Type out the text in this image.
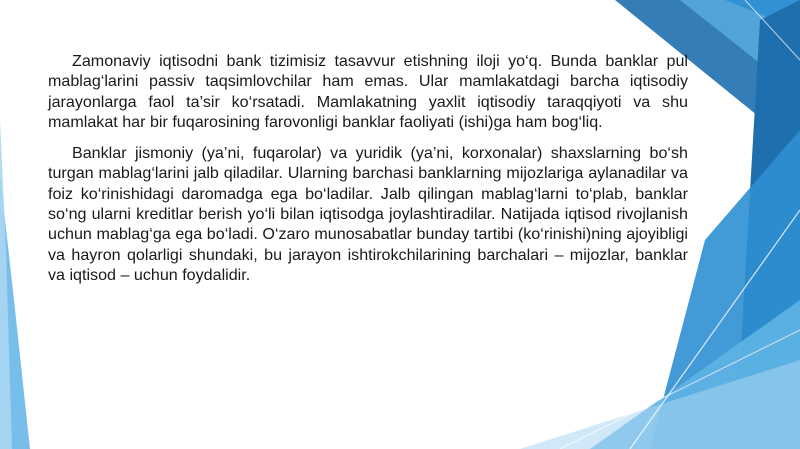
Zamonaviy iqtisodni bank tizimisiz tasavvur etishning iloji yo‘q. Bunda banklar pul mablag‘larini passiv taqsimlovchilar ham emas. Ular mamlakatdagi barcha iqtisodiy jarayonlarga faol ta’sir ko‘rsatadi. Mamlakatning yaxlit iqtisodiy taraqqiyoti va shu mamlakat har bir fuqarosining farovonligi banklar faoliyati (ishi)ga ham bog‘liq.

Banklar jismoniy (ya’ni, fuqarolar) va yuridik (ya’ni, korxonalar) shaxslarning bo‘sh turgan mablag‘larini jalb qiladilar. Ularning barchasi banklarning mijozlariga aylanadilar va foiz ko‘rinishidagi daromadga ega bo‘ladilar. Jalb qilingan mablag‘larni to‘plab, banklar so‘ng ularni kreditlar berish yo‘li bilan iqtisodga joylashtiradilar. Natijada iqtisod rivojlanish uchun mablag‘ga ega bo‘ladi. O‘zaro munosabatlar bunday tartibi (ko‘rinishi)ning ajoyibligi va hayron qolarligi shundaki, bu jarayon ishtirokchilarining barchalari – mijozlar, banklar va iqtisod – uchun foydalidir.
